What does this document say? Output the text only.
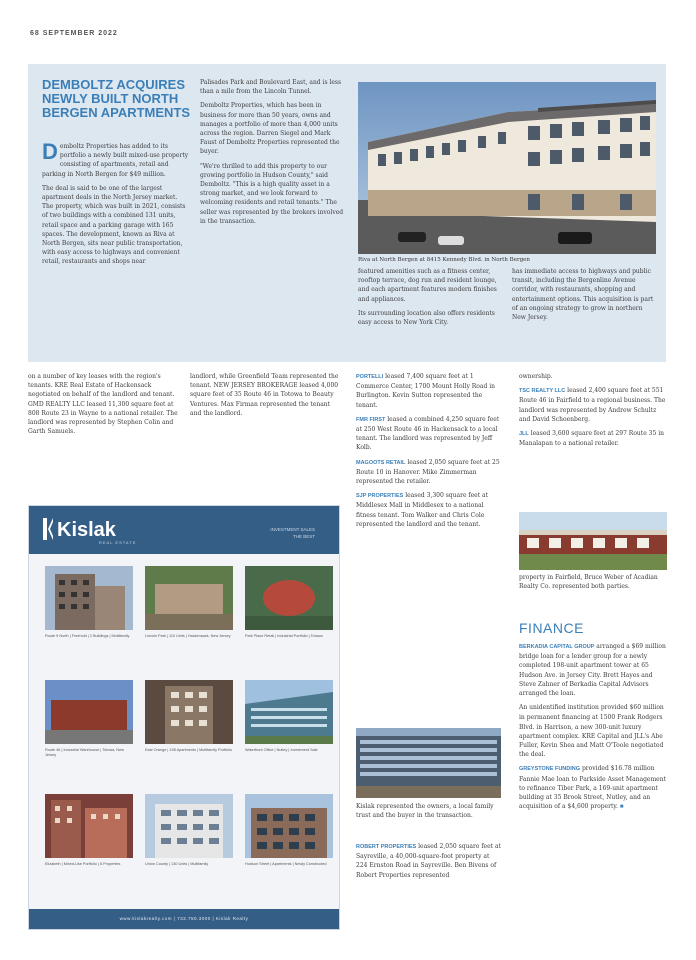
68 SEPTEMBER 2022
DEMBOLTZ ACQUIRES NEWLY BUILT NORTH BERGEN APARTMENTS

Demboltz Properties has added to its portfolio a newly built mixed-use property consisting of apartments, retail and parking in North Bergen for $49 million.

The deal is said to be one of the largest apartment deals in the North Jersey market. The property, which was built in 2021, consists of two buildings with a combined 131 units, retail space and a parking garage with 165 spaces. The development, known as Riva at North Bergen, sits near public transportation, with easy access to highways and convenient retail, restaurants and shops near

Palisades Park and Boulevard East, and is less than a mile from the Lincoln Tunnel.

Demboltz Properties, which has been in business for more than 50 years, owns and manages a portfolio of more than 4,000 units across the region. Darren Siegel and Mark Faust of Demboltz Properties represented the buyer.

"We're thrilled to add this property to our growing portfolio in Hudson County," said Demboltz. "This is a high quality asset in a strong market, and we look forward to welcoming residents and retail tenants." The seller was represented by the brokers involved in the transaction.

Riva at North Bergen at 8415 Kennedy Blvd. in North Bergen

featured amenities such as a fitness center, rooftop terrace, dog run and resident lounge, and each apartment features modern finishes and appliances.

Its surrounding location also offers residents easy access to New York City.

has immediate access to highways and public transit, including the Bergenline Avenue corridor, with restaurants, shopping and entertainment options. This acquisition is part of an ongoing strategy to grow in northern New Jersey.

on a number of key leases with the region's tenants. KRE Real Estate of Hackensack negotiated on behalf of the landlord and tenant. GMD REALTY LLC leased 11,300 square feet at 808 Route 23 in Wayne to a national retailer. The landlord was represented by Stephen Colin and Garth Samuels.
landlord, while Greenfield Team represented the tenant. NEW JERSEY BROKERAGE leased 4,000 square feet of 35 Route 46 in Totowa to Beauty Ventures. Max Firman represented the tenant and the landlord.

PORTELLI leased 7,400 square feet at 1 Commerce Center, 1700 Mount Holly Road in Burlington. Kevin Sutton represented the tenant.

FMR FIRST leased a combined 4,250 square feet at 250 West Route 46 in Hackensack to a local tenant. The landlord was represented by Jeff Kolb.

MAGOOTS RETAIL leased 2,050 square feet at 25 Route 10 in Hanover. Mike Zimmerman represented the retailer.

SJP PROPERTIES leased 3,300 square feet at Middlesex Mall in Middlesex to a national fitness tenant. Tom Walker and Chris Cole represented the landlord and the tenant.

Kislak represented the owners, a local family trust and the buyer in the transaction.

ROBERT PROPERTIES leased 2,050 square feet at Sayreville, a 40,000-square-foot property at 224 Ernston Road in Sayreville. Ben Bivens of Robert Properties represented

ownership.

TSC REALTY LLC leased 2,400 square feet at 551 Route 46 in Fairfield to a regional business. The landlord was represented by Andrew Schultz and David Schoenberg.

JLL leased 3,600 square feet at 297 Route 35 in Manalapan to a national retailer.

property in Fairfield, Bruce Weber of Acadian Realty Co. represented both parties.
FINANCE

BERKADIA CAPITAL GROUP arranged a $69 million bridge loan for a lender group for a newly completed 198-unit apartment tower at 65 Hudson Ave. in Jersey City. Brett Hayes and Steve Zahner of Berkadia Capital Advisors arranged the loan.

An unidentified institution provided $60 million in permanent financing at 1500 Frank Rodgers Blvd. in Harrison, a new 300-unit luxury apartment complex. KRE Capital and JLL's Abe Fuller, Kevin Shea and Matt O'Toole negotiated the deal.

GREYSTONE FUNDING provided $16.78 million Fannie Mae loan to Parkside Asset Management to refinance Tiber Park, a 169-unit apartment building at 35 Brook Street, Nutley, and an acquisition of a $4,600 property. ■

Kislak
REAL ESTATE
INVESTMENT SALES
THE BEST
Route 9 North | Freehold | 2 Buildings | Multifamily	Lincoln Park | 110 Units | Hackensack, New Jersey	Park Place Retail | Industrial Portfolio | Totowa
Route 46 | Industrial Warehouse | Totowa, New Jersey
East Orange | 198 Apartments | Multifamily Portfolio	Waterfront Office | Nutley | Investment Sale
Elizabeth | Mixed-Use Portfolio | 6 Properties	Union County | 130 Units | Multifamily	Hudson Street | Apartments | Newly Constructed
www.kislakrealty.com | 732.750.3000 | Kislak Realty
